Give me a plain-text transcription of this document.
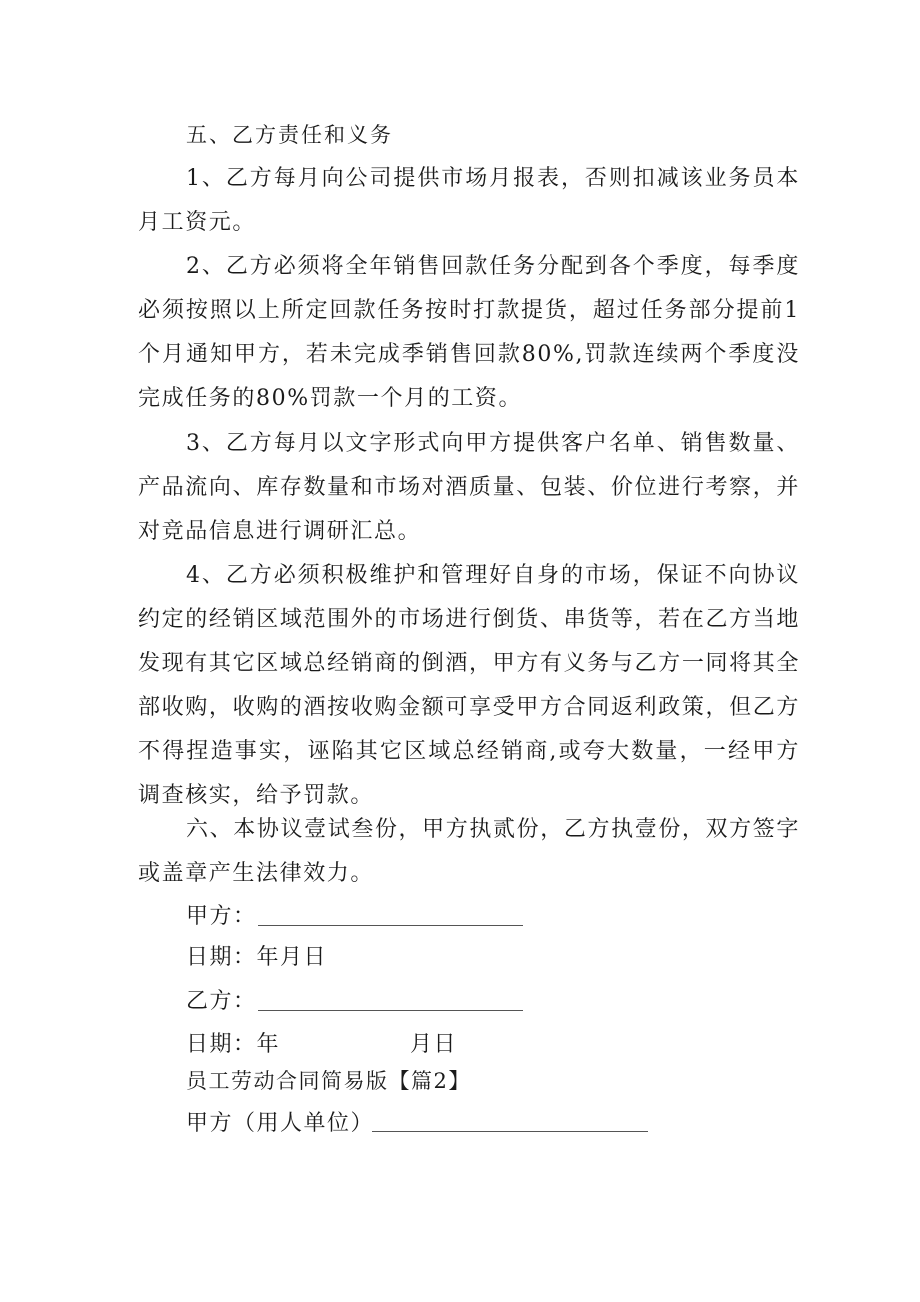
五、乙方责任和义务

1、乙方每月向公司提供市场月报表，否则扣减该业务员本月工资元。

2、乙方必须将全年销售回款任务分配到各个季度，每季度必须按照以上所定回款任务按时打款提货，超过任务部分提前1个月通知甲方，若未完成季销售回款80%,罚款连续两个季度没完成任务的80%罚款一个月的工资。

3、乙方每月以文字形式向甲方提供客户名单、销售数量、产品流向、库存数量和市场对酒质量、包装、价位进行考察，并对竞品信息进行调研汇总。

4、乙方必须积极维护和管理好自身的市场，保证不向协议约定的经销区域范围外的市场进行倒货、串货等，若在乙方当地发现有其它区域总经销商的倒酒，甲方有义务与乙方一同将其全部收购，收购的酒按收购金额可享受甲方合同返利政策，但乙方不得捏造事实，诬陷其它区域总经销商,或夸大数量，一经甲方调查核实，给予罚款。

六、本协议壹试叁份，甲方执贰份，乙方执壹份，双方签字或盖章产生法律效力。

甲方：

日期：年月日

乙方：

日期：年	月日

员工劳动合同简易版【篇2】

甲方（用人单位）
